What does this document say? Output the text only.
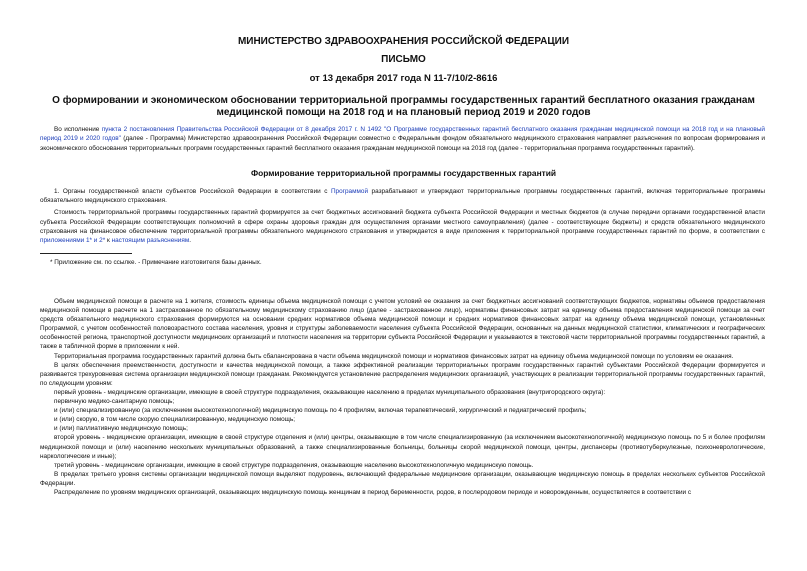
МИНИСТЕРСТВО ЗДРАВООХРАНЕНИЯ РОССИЙСКОЙ ФЕДЕРАЦИИ
ПИСЬМО
от 13 декабря 2017 года N 11-7/10/2-8616
О формировании и экономическом обосновании территориальной программы государственных гарантий бесплатного оказания гражданам медицинской помощи на 2018 год и на плановый период 2019 и 2020 годов

Во исполнение пункта 2 постановления Правительства Российской Федерации от 8 декабря 2017 г. N 1492 "О Программе государственных гарантий бесплатного оказания гражданам медицинской помощи на 2018 год и на плановый период 2019 и 2020 годов" (далее - Программа) Министерство здравоохранения Российской Федерации совместно с Федеральным фондом обязательного медицинского страхования направляет разъяснения по вопросам формирования и экономического обоснования территориальных программ государственных гарантий бесплатного оказания гражданам медицинской помощи на 2018 год (далее - территориальная программа государственных гарантий).

Формирование территориальной программы государственных гарантий

1. Органы государственной власти субъектов Российской Федерации в соответствии с Программой разрабатывают и утверждают территориальные программы государственных гарантий, включая территориальные программы обязательного медицинского страхования.

Стоимость территориальной программы государственных гарантий формируется за счет бюджетных ассигнований бюджета субъекта Российской Федерации и местных бюджетов (в случае передачи органами государственной власти субъекта Российской Федерации соответствующих полномочий в сфере охраны здоровья граждан для осуществления органами местного самоуправления) (далее - соответствующие бюджеты) и средств обязательного медицинского страхования на финансовое обеспечение территориальной программы обязательного медицинского страхования и утверждается в виде приложения к территориальной программе государственных гарантий по форме, в соответствии с приложениями 1* и 2* к настоящим разъяснениям.

* Приложение см. по ссылке. - Примечание изготовителя базы данных.

Объем медицинской помощи в расчете на 1 жителя, стоимость единицы объема медицинской помощи с учетом условий ее оказания за счет бюджетных ассигнований соответствующих бюджетов, нормативы объемов предоставления медицинской помощи в расчете на 1 застрахованное по обязательному медицинскому страхованию лицо (далее - застрахованное лицо), нормативы финансовых затрат на единицу объема предоставления медицинской помощи за счет средств обязательного медицинского страхования формируются на основании средних нормативов объема медицинской помощи и средних нормативов финансовых затрат на единицу объема медицинской помощи, установленных Программой, с учетом особенностей половозрастного состава населения, уровня и структуры заболеваемости населения субъекта Российской Федерации, основанных на данных медицинской статистики, климатических и географических особенностей региона, транспортной доступности медицинских организаций и плотности населения на территории субъекта Российской Федерации и указываются в текстовой части территориальной программы государственных гарантий, а также в табличной форме в приложении к ней.

Территориальная программа государственных гарантий должна быть сбалансирована в части объема медицинской помощи и нормативов финансовых затрат на единицу объема медицинской помощи по условиям ее оказания.

В целях обеспечения преемственности, доступности и качества медицинской помощи, а также эффективной реализации территориальных программ государственных гарантий субъектами Российской Федерации формируется и развивается трехуровневая система организации медицинской помощи гражданам. Рекомендуется установление распределения медицинских организаций, участвующих в реализации территориальной программы государственных гарантий, по следующим уровням:

первый уровень - медицинские организации, имеющие в своей структуре подразделения, оказывающие населению в пределах муниципального образования (внутригородского округа):

первичную медико-санитарную помощь;

и (или) специализированную (за исключением высокотехнологичной) медицинскую помощь по 4 профилям, включая терапевтический, хирургический и педиатрический профиль;

и (или) скорую, в том числе скорую специализированную, медицинскую помощь;

и (или) паллиативную медицинскую помощь;

второй уровень - медицинские организации, имеющие в своей структуре отделения и (или) центры, оказывающие в том числе специализированную (за исключением высокотехнологичной) медицинскую помощь по 5 и более профилям медицинской помощи и (или) населению нескольких муниципальных образований, а также специализированные больницы, больницы скорой медицинской помощи, центры, диспансеры (противотуберкулезные, психоневрологические, наркологические и иные);

третий уровень - медицинские организации, имеющие в своей структуре подразделения, оказывающие населению высокотехнологичную медицинскую помощь.

В пределах третьего уровня системы организации медицинской помощи выделяют подуровень, включающий федеральные медицинские организации, оказывающие медицинскую помощь в пределах нескольких субъектов Российской Федерации.

Распределение по уровням медицинских организаций, оказывающих медицинскую помощь женщинам в период беременности, родов, в послеродовом периоде и новорожденным, осуществляется в соответствии с
